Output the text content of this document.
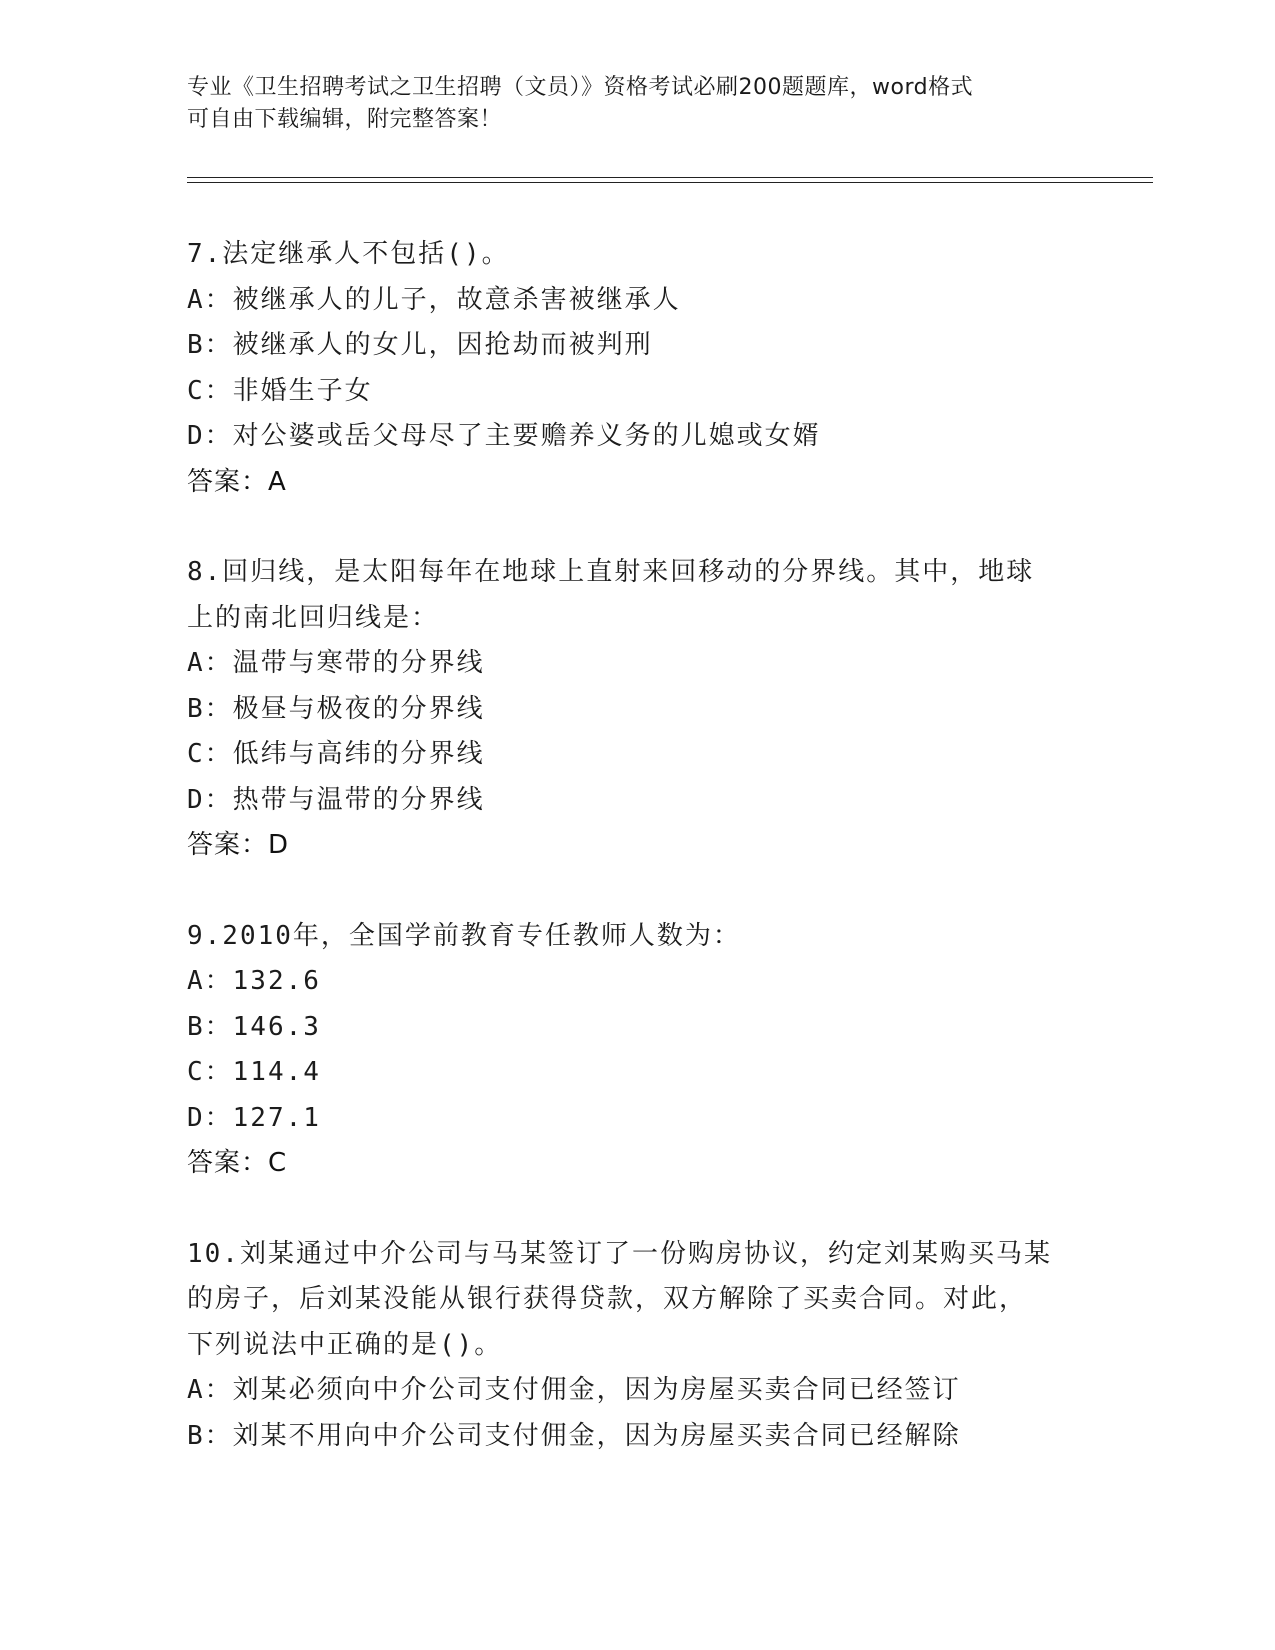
专业《卫生招聘考试之卫生招聘（文员）》资格考试必刷200题题库，word格式
可自由下载编辑，附完整答案！
7.法定继承人不包括()。
A：被继承人的儿子，故意杀害被继承人
B：被继承人的女儿，因抢劫而被判刑
C：非婚生子女
D：对公婆或岳父母尽了主要赡养义务的儿媳或女婿
答案：A
8.回归线，是太阳每年在地球上直射来回移动的分界线。其中，地球
上的南北回归线是：
A：温带与寒带的分界线
B：极昼与极夜的分界线
C：低纬与高纬的分界线
D：热带与温带的分界线
答案：D
9.2010年，全国学前教育专任教师人数为：
A：132.6
B：146.3
C：114.4
D：127.1
答案：C
10.刘某通过中介公司与马某签订了一份购房协议，约定刘某购买马某
的房子，后刘某没能从银行获得贷款，双方解除了买卖合同。对此，
下列说法中正确的是()。
A：刘某必须向中介公司支付佣金，因为房屋买卖合同已经签订
B：刘某不用向中介公司支付佣金，因为房屋买卖合同已经解除
